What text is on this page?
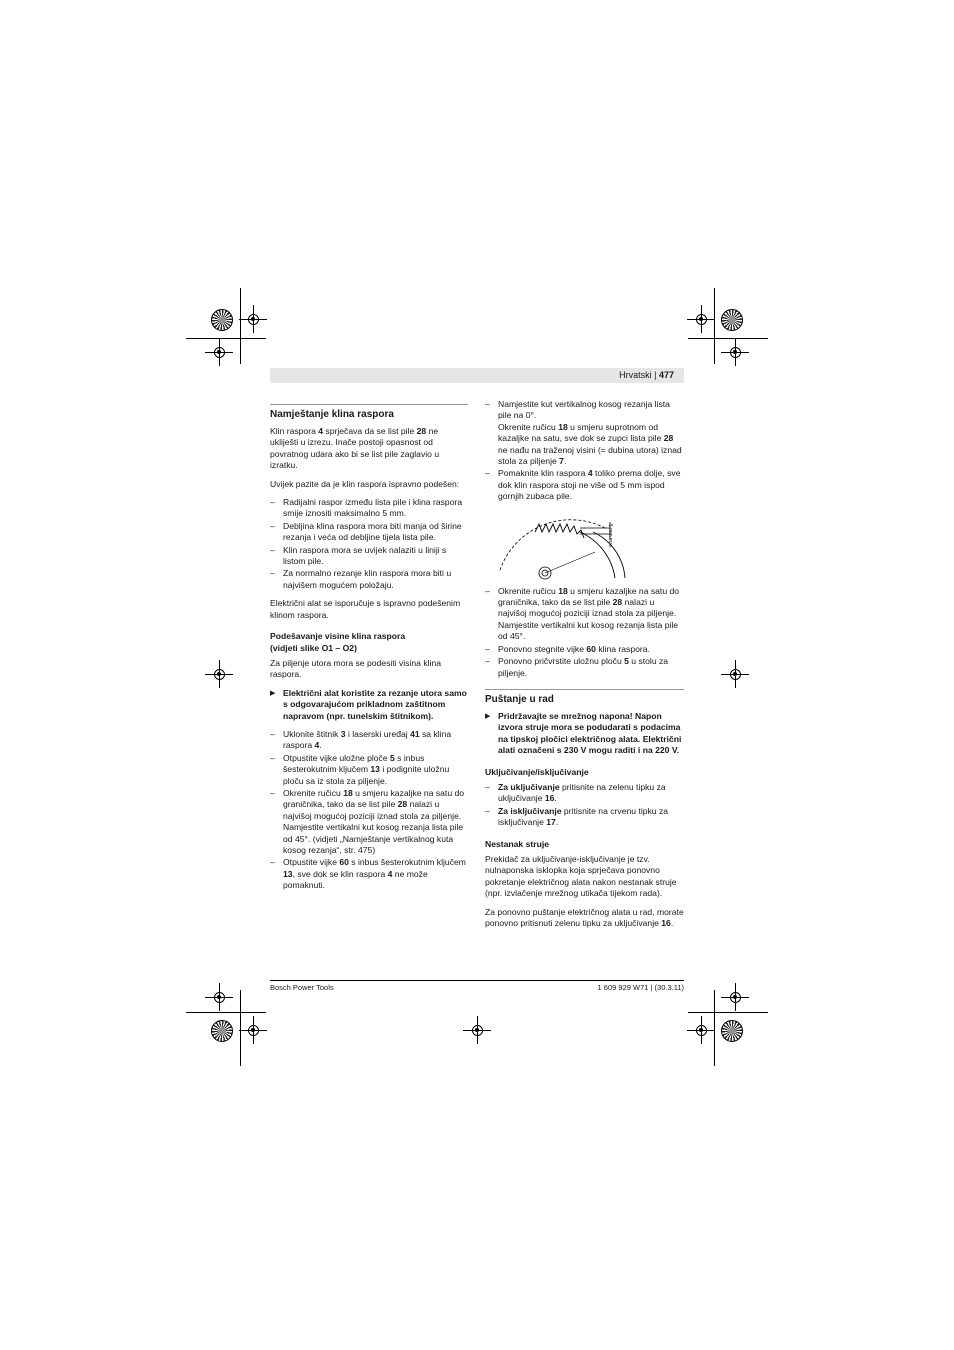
Hrvatski | 477
Namještanje klina raspora

Klin raspora 4 sprječava da se list pile 28 ne ukliješti u izrezu. Inače postoji opasnost od povratnog udara ako bi se list pile zaglavio u izratku.

Uvijek pazite da je klin raspora ispravno podešen:

– Radijalni raspor između lista pile i klina raspora smije iznositi maksimalno 5 mm.
– Debljina klina raspora mora biti manja od širine rezanja i veća od debljine tijela lista pile.
– Klin raspora mora se uvijek nalaziti u liniji s listom pile.
– Za normalno rezanje klin raspora mora biti u najvišem mogućem položaju.

Električni alat se isporučuje s ispravno podešenim klinom raspora.

Podešavanje visine klina raspora
(vidjeti slike O1 – O2)

Za piljenje utora mora se podesiti visina klina raspora.

▶ Električni alat koristite za rezanje utora samo s odgovarajućom prikladnom zaštitnom napravom (npr. tunelskim štitnikom).
– Uklonite štitnik 3 i laserski uređaj 41 sa klina raspora 4.
– Otpustite vijke uložne ploče 5 s inbus šesterokutnim ključem 13 i podignite uložnu ploču sa iz stola za piljenje.
– Okrenite ručicu 18 u smjeru kazaljke na satu do graničnika, tako da se list pile 28 nalazi u najvišoj mogućoj poziciji iznad stola za piljenje.
Namjestite vertikalni kut kosog rezanja lista pile od 45°. (vidjeti „Namještanje vertikalnog kuta kosog rezanja“, str. 475)
– Otpustite vijke 60 s inbus šesterokutnim ključem 13, sve dok se klin raspora 4 ne može pomaknuti.
– Namjestite kut vertikalnog kosog rezanja lista pile na 0°.
Okrenite ručicu 18 u smjeru suprotnom od kazaljke na satu, sve dok se zupci lista pile 28 ne nađu na traženoj visini (= dubina utora) iznad stola za piljenje 7.
– Pomaknite klin raspora 4 toliko prema dolje, sve dok klin raspora stoji ne više od 5 mm ispod gornjih zubaca pile.
5 mm max.
– Okrenite ručicu 18 u smjeru kazaljke na satu do graničnika, tako da se list pile 28 nalazi u najvišoj mogućoj poziciji iznad stola za piljenje.
Namjestite vertikalni kut kosog rezanja lista pile od 45°.
– Ponovno stegnite vijke 60 klina raspora.
– Ponovno pričvrstite uložnu ploču 5 u stolu za piljenje.
Puštanje u rad
▶ Pridržavajte se mrežnog napona! Napon izvora struje mora se podudarati s podacima na tipskoj pločici električnog alata. Električni alati označeni s 230 V mogu raditi i na 220 V.
Uključivanje/isključivanje
– Za uključivanje pritisnite na zelenu tipku za uključivanje 16.
– Za isključivanje pritisnite na crvenu tipku za isključivanje 17.
Nestanak struje

Prekidač za uključivanje-isključivanje je tzv. nulnaponska isklopka koja sprječava ponovno pokretanje električnog alata nakon nestanak struje (npr. izvlačenje mrežnog utikača tijekom rada).

Za ponovno puštanje električnog alata u rad, morate ponovno pritisnuti zelenu tipku za uključivanje 16.

Bosch Power Tools	1 609 929 W71 | (30.3.11)
